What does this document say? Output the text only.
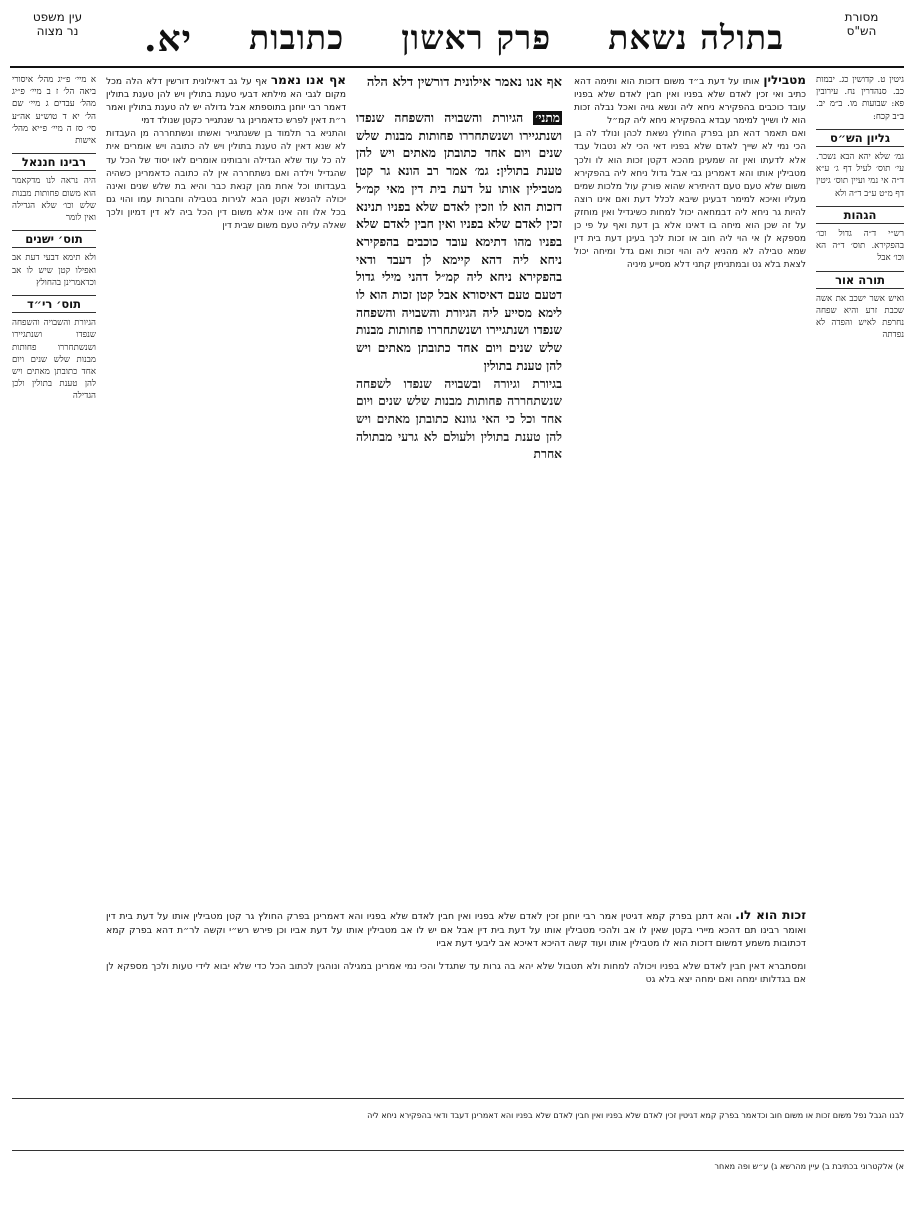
מסורת
הש"ס
בתולה נשאת
פרק ראשון
כתובות
יא.
עין משפט
נר מצוה

גיטין ט. קדושין כג. יבמות כב. סנהדרין נח. עירובין פא: שבועות מו. ב״מ יב. ב״ב קכח:

גליון הש״ס

גמ׳ שלא יהא הבא נשכר. עי׳ תוס׳ לעיל דף ג׳ ע״א ד״ה אי נמי ועיין תוס׳ גיטין דף מ״ט ע״ב ד״ה ולא

הגהות

רש״י ד״ה גדול וכו׳ בהפקירא. תוס׳ ד״ה הא וכו׳ אבל

תורה אור

ואיש אשר ישכב את אשה שכבת זרע והיא שפחה נחרפת לאיש והפדה לא נפדתה

מטבילין אותו על דעת ב״ד משום דזכות הוא ותימה דהא כתיב ואי זכין לאדם שלא בפניו ואין חבין לאדם שלא בפניו עובד כוכבים בהפקירא ניחא ליה ונשא גויה ואכל נבלה זכות הוא לו ושייך למימר עבדא בהפקירא ניחא ליה קמ״ל

ואם תאמר דהא תנן בפרק החולץ נשאת לכהן ונולד לה בן הכי נמי לא שייך לאדם שלא בפניו דאי הכי לא נטבול עבד אלא לדעתו ואין זה שמעינן מהכא דקטן זכות הוא לו ולכך מטבילין אותו והא דאמרינן גבי אבל גדול ניחא ליה בהפקירא משום שלא טעם טעם דהיתירא שהוא פורק עול מלכות שמים מעליו ואיכא למימר דבעינן שיבא לכלל דעת ואם אינו רוצה להיות גר ניחא ליה דבמחאה יכול למחות כשיגדיל ואין מוחזק על זה שכן הוא מיחה בו דאינו אלא בן דעת ואף על פי כן מספקא לן אי הוי ליה חוב או זכות לכך בעינן דעת בית דין שמא טבילה לא מהניא ליה והוי זכות ואם גדל ומיחה יכול לצאת בלא גט ובמתניתין קתני דלא מסייע מיניה

אף אנו נאמר אילונית דורשין דלא הלה

מתני׳ הגיורת והשבויה והשפחה שנפדו ושנתגיירו ושנשתחררו פחותות מבנות שלש שנים ויום אחד כתובתן מאתים ויש להן טענת בתולין: גמ׳ אמר רב הונא גר קטן מטבילין אותו על דעת בית דין מאי קמ״ל דזכות הוא לו וזכין לאדם שלא בפניו תנינא זכין לאדם שלא בפניו ואין חבין לאדם שלא בפניו מהו דתימא עובד כוכבים בהפקירא ניחא ליה דהא קיימא לן דעבד ודאי בהפקירא ניחא ליה קמ״ל דהני מילי גדול דטעם טעם דאיסורא אבל קטן זכות הוא לו לימא מסייע ליה הגיורת והשבויה והשפחה שנפדו ושנתגיירו ושנשתחררו פחותות מבנות שלש שנים ויום אחד כתובתן מאתים ויש להן טענת בתולין

בגיורת וגיורה ובשבויה שנפדו לשפחה שנשתחררה פחותות מבנות שלש שנים ויום אחד וכל כי האי גוונא כתובתן מאתים ויש להן טענת בתולין ולעולם לא גרעי מבתולה אחרת

אף אנו נאמר אף על גב דאילונית דורשין דלא הלה מכל מקום לגבי הא מילתא דבעי טענת בתולין ויש להן טענת בתולין דאמר רבי יוחנן בתוספתא אבל גדולה יש לה טענת בתולין ואמר ר״ת דאין לפרש כדאמרינן גר שנתגייר כקטן שנולד דמי

והתניא בר תלמוד בן ששנתגייר ואשתו ונשתחררה מן העבדות לא שנא דאין לה טענת בתולין ויש לה כתובה ויש אומרים אית לה כל עוד שלא הגדילה ורבותינו אומרים לאו יסוד של הכל עד שהגדיל וילדה ואם נשתחררה אין לה כתובה כדאמרינן כשהיה בעבדותו וכל אחת מהן קנאת כבר והיא בת שלש שנים ואינה יכולה להנשא וקטן הבא לגירות בטבילה וחברות עמו והוי גם בכל אלו וזה אינו אלא משום דין הכל ביה לא דין דמיון ולכך שאלה עליה טעם משום שבית דין

א מיי׳ פ״יג מהל׳ איסורי ביאה הל׳ ז ב מיי׳ פ״יג מהל׳ עבדים ג מיי׳ שם הל׳ יא ד טוש״ע אה״ע סי׳ סז ה מיי׳ פ״יא מהל׳ אישות

רבינו חננאל

היה נראה לנו מדקאמר הוא משום פחותות מבנות שלש וכו׳ שלא הגדילה ואין לומר

תוס׳ ישנים

ולא תימא דבעי דעת אב ואפילו קטן שיש לו אב וכדאמרינן בהחולץ

תוס׳ רי״ד

הגיורת והשבויה והשפחה שנפדו ושנתגיירו ושנשתחררו פחותות מבנות שלש שנים ויום אחד כתובתן מאתים ויש להן טענת בתולין ולכן הגדילה

זכות הוא לו. והא דתנן בפרק קמא דגיטין אמר רבי יוחנן זכין לאדם שלא בפניו ואין חבין לאדם שלא בפניו והא דאמרינן בפרק החולץ גר קטן מטבילין אותו על דעת בית דין ואומר רבינו תם דהכא מיירי בקטן שאין לו אב ולהכי מטבילין אותו על דעת בית דין אבל אם יש לו אב מטבילין אותו על דעת אביו וכן פירש רש״י וקשה לר״ת דהא בפרק קמא דכתובות משמע דמשום דזכות הוא לו מטבילין אותו ועוד קשה דהיכא דאיכא אב ליבעי דעת אביו

ומסתברא דאין חבין לאדם שלא בפניו ויכולה למחות ולא תטבול שלא יהא בה גרות עד שתגדל והכי נמי אמרינן במגילה ונוהגין לכתוב הכל כדי שלא יבוא לידי טעות ולכך מספקא לן אם בגדלותו ימחה ואם ימחה יצא בלא גט

לבנו הגבל נפל משום זכות או משום חוב וכדאמר בפרק קמא דגיטין זכין לאדם שלא בפניו ואין חבין לאדם שלא בפניו והא דאמרינן דעבד ודאי בהפקירא ניחא ליה

א) אלקטרוני בכתיבת ב) עיין מהרשא ג) ע״ש ופה מאחר
